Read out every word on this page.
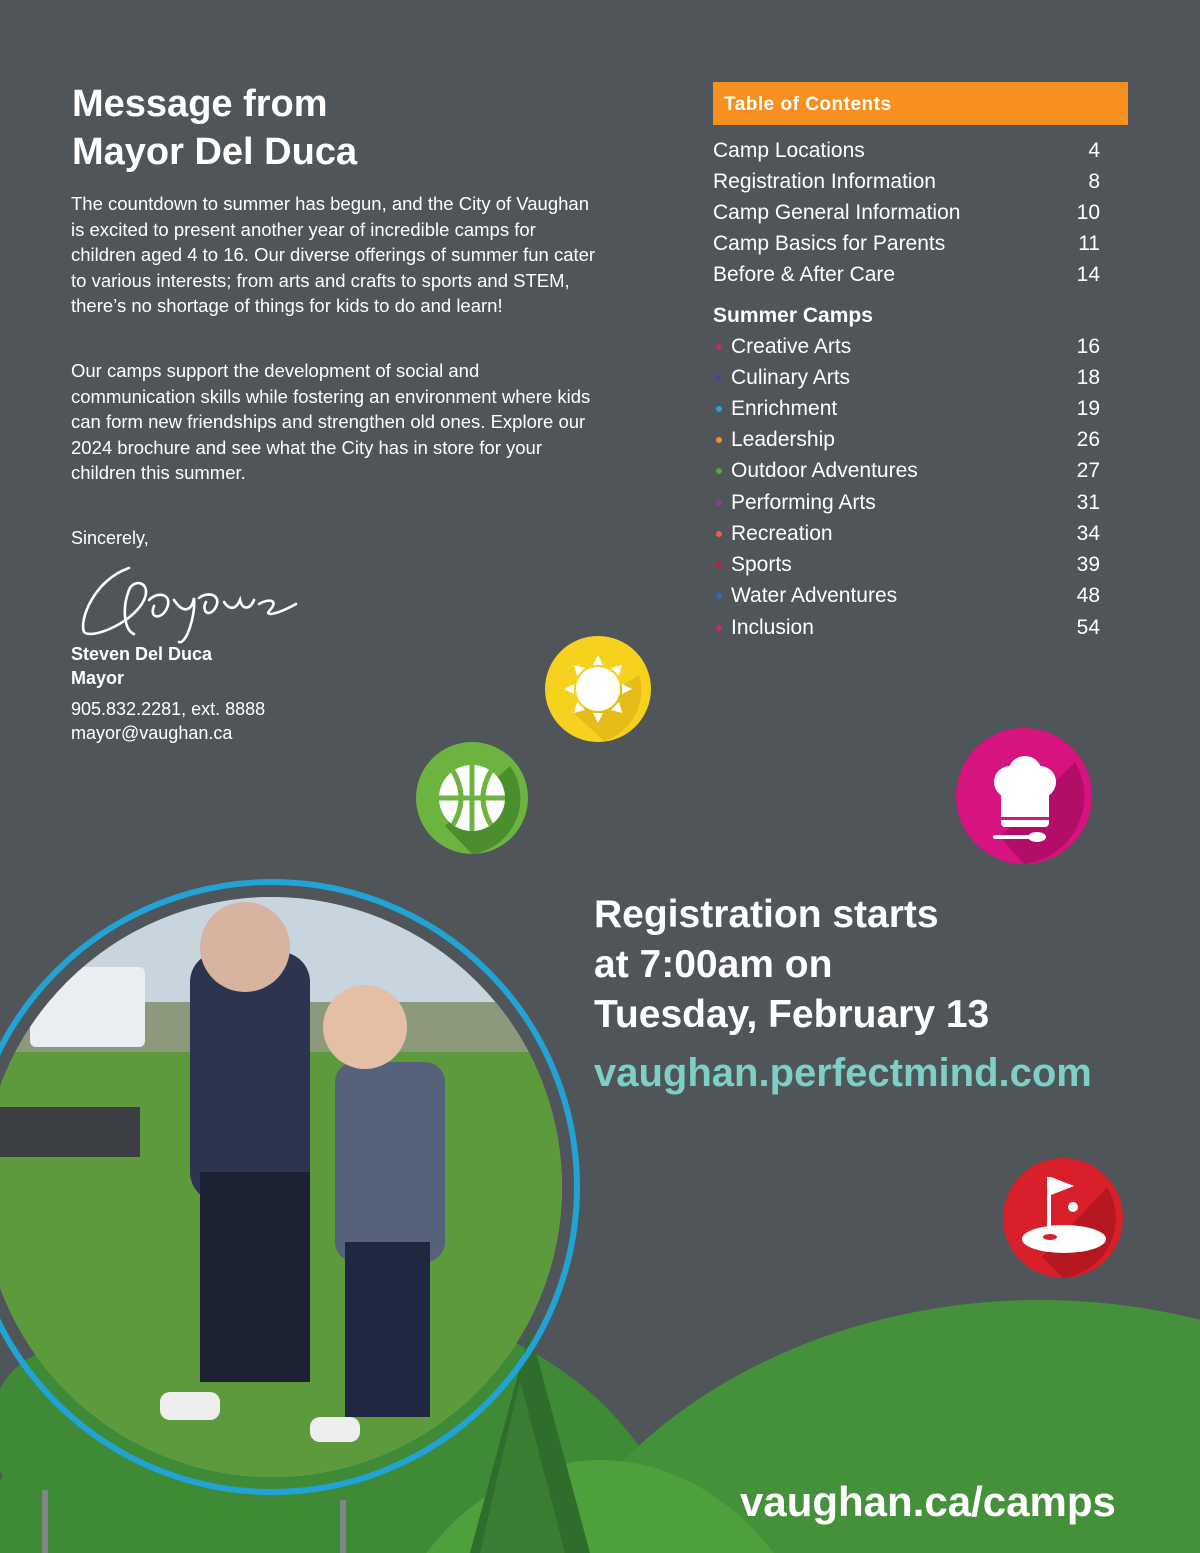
Message from
Mayor Del Duca

The countdown to summer has begun, and the City of Vaughan is excited to present another year of incredible camps for children aged 4 to 16. Our diverse offerings of summer fun cater to various interests; from arts and crafts to sports and STEM, there’s no shortage of things for kids to do and learn!

Our camps support the development of social and communication skills while fostering an environment where kids can form new friendships and strengthen old ones. Explore our 2024 brochure and see what the City has in store for your children this summer.

Sincerely,
Steven Del Duca
Mayor
905.832.2281, ext. 8888
mayor@vaughan.ca
Table of Contents
Camp Locations	4
Registration Information	8
Camp General Information	10
Camp Basics for Parents	11
Before & After Care	14
Summer Camps
Creative Arts	16
Culinary Arts	18
Enrichment	19
Leadership	26
Outdoor Adventures	27
Performing Arts	31
Recreation	34
Sports	39
Water Adventures	48
Inclusion	54
Registration starts
at 7:00am on
Tuesday, February 13
vaughan.perfectmind.com
vaughan.ca/camps
